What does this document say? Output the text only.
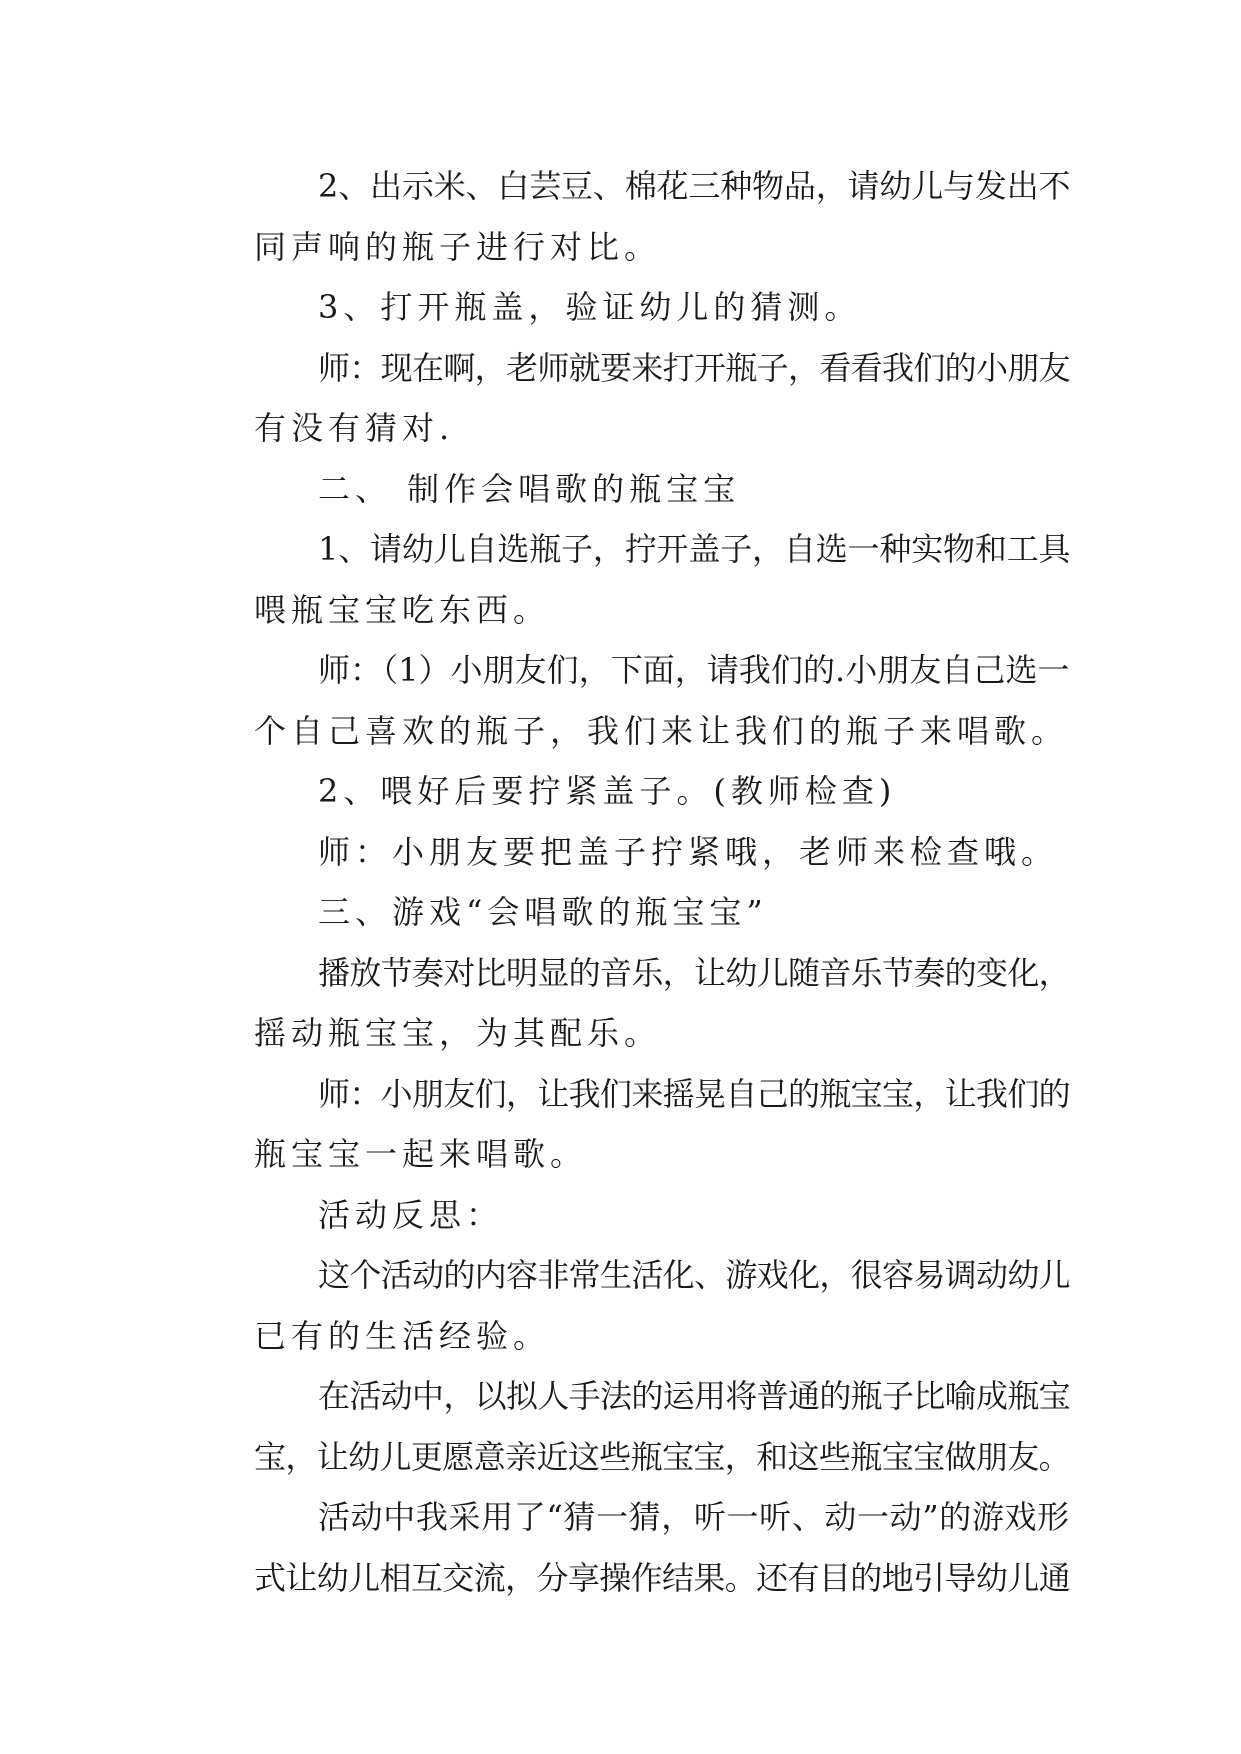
2、出示米、白芸豆、棉花三种物品，请幼儿与发出不
同声响的瓶子进行对比。
3、打开瓶盖，验证幼儿的猜测。
师：现在啊，老师就要来打开瓶子，看看我们的小朋友
有没有猜对.
二、 制作会唱歌的瓶宝宝
1、请幼儿自选瓶子，拧开盖子，自选一种实物和工具
喂瓶宝宝吃东西。
师：（1）小朋友们，下面，请我们的.小朋友自己选一
个自己喜欢的瓶子，我们来让我们的瓶子来唱歌。
2、喂好后要拧紧盖子。(教师检查)
师：小朋友要把盖子拧紧哦，老师来检查哦。
三、游戏“会唱歌的瓶宝宝”
播放节奏对比明显的音乐，让幼儿随音乐节奏的变化，
摇动瓶宝宝，为其配乐。
师：小朋友们，让我们来摇晃自己的瓶宝宝，让我们的
瓶宝宝一起来唱歌。
活动反思：
这个活动的内容非常生活化、游戏化，很容易调动幼儿
已有的生活经验。
在活动中，以拟人手法的运用将普通的瓶子比喻成瓶宝
宝，让幼儿更愿意亲近这些瓶宝宝，和这些瓶宝宝做朋友。
活动中我采用了“猜一猜，听一听、动一动”的游戏形
式让幼儿相互交流，分享操作结果。还有目的地引导幼儿通
